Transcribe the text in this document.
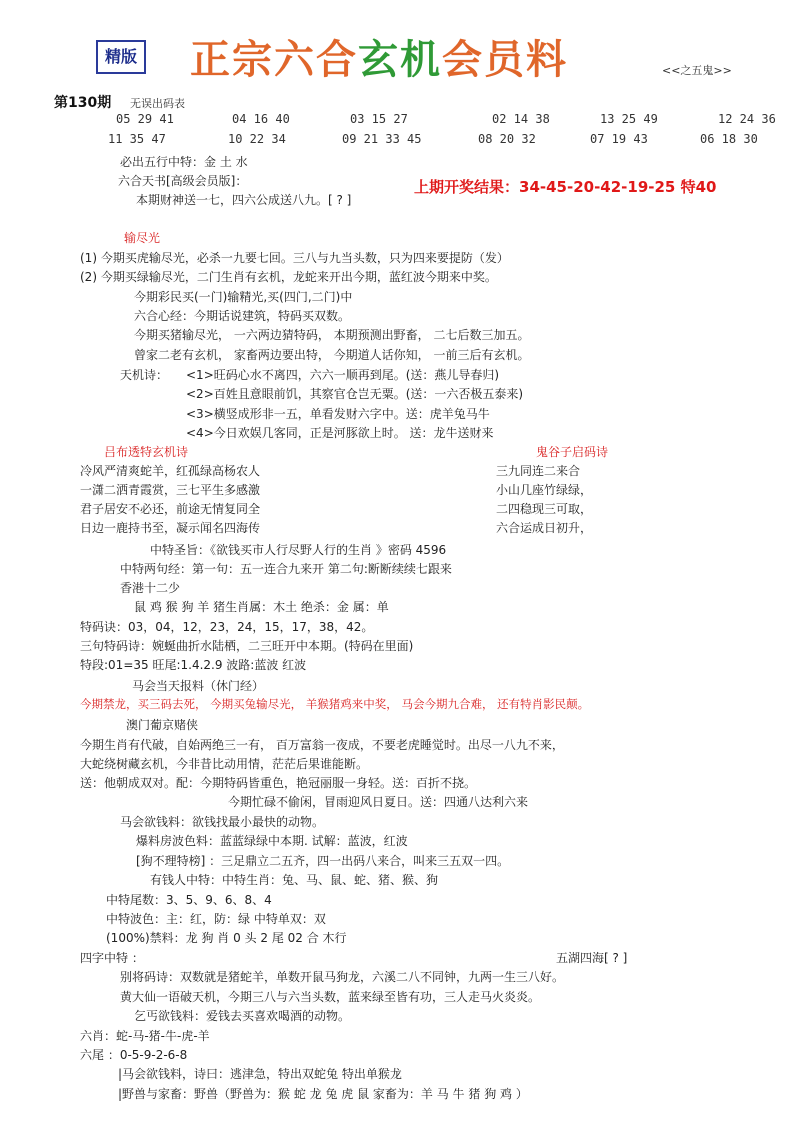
精版 正宗六合玄机会员料	<<之五鬼>>
第130期 无误出码表
05 29 41	04 16 40	03 15 27	02 14 38	13 25 49	12 24 36
11 35 47	10 22 34	09 21 33 45	08 20 32	07 19 43	06 18 30
必出五行中特：金 土 水
六合天书[高级会员版]：	上期开奖结果：34-45-20-42-19-25 特40
本期财神送一七，四六公成送八九。[ ? ]
输尽光
(1) 今期买虎输尽光，必杀一九要七回。三八与九当头数，只为四来要提防（发）
(2) 今期买绿输尽光，二门生肖有玄机，龙蛇来开出今期，蓝红波今期来中奖。
今期彩民买(一门)输精光,买(四门,二门)中
六合心经：今期话说建筑，特码买双数。
今期买猪输尽光， 一六两边猜特码， 本期预测出野畜， 二七后数三加五。
曾家二老有玄机， 家畜两边要出特， 今期道人话你知， 一前三后有玄机。
天机诗： <1>旺码心水不离四，六六一顺再到尾。(送：燕儿导春归)
<2>百姓且意眼前饥，其察官仓岂无粟。(送：一六否极五泰来)
<3>横竖成形非一五，单看发财六字中。送：虎羊兔马牛
<4>今日欢娱几客同，正是河豚欲上时。 送：龙牛送财来
吕布透特玄机诗	鬼谷子启码诗
冷风严清爽蛇羊，红孤绿高杨农人	三九同连二来合
一潇二洒青霞赏，三七平生多感激	小山几座竹绿绿，
君子居安不必还，前途无情复同全	二四稳现三可取，
日边一鹿持书至，凝示闻名四海传	六合运成日初升，
中特圣旨：《欲钱买市人行尽野人行的生肖 》密码 4596
中特两句经：第一句：五一连合九来开 第二句:断断续续七跟来
香港十二少
鼠 鸡 猴 狗 羊 猪生肖属：木土 绝杀：金 属：单
特码诀：03，04，12，23，24，15，17，38，42。
三句特码诗：婉蜒曲折水陆栖，二三旺开中本期。(特码在里面)
特段:01=35 旺尾:1.4.2.9 波路:蓝波 红波
马会当天报料（休门经）
今期禁龙，买三码去死， 今期买兔输尽光， 羊猴猪鸡来中奖， 马会今期九合难， 还有特肖影民颠。
澳门葡京赌侠
今期生肖有代破，自始两绝三一有， 百万富翁一夜成，不要老虎睡觉时。出尽一八九不来，
大蛇绕树藏玄机，今非昔比动用情，茫茫后果谁能断。
送：他朝成双对。配：今期特码皆重色，艳冠丽服一身轻。送：百折不挠。
今期忙碌不偷闲，冒雨迎风日夏日。送：四通八达利六来
马会欲钱料：欲钱找最小最快的动物。
爆料房波色料：蓝蓝绿绿中本期. 试解：蓝波，红波
[狗不理特榜] ：三足鼎立二五齐，四一出码八来合，叫来三五双一四。
有钱人中特：中特生肖：兔、马、鼠、蛇、猪、猴、狗
中特尾数：3、5、9、6、8、4
中特波色：主：红，防：绿 中特单双：双
(100%)禁料：龙 狗 肖 0 头 2 尾 02 合 木行
四字中特 ：	五湖四海[ ? ]
别将码诗：双数就是猪蛇羊，单数开鼠马狗龙，六溪二八不同钟，九两一生三八好。
黄大仙一语破天机，今期三八与六当头数，蓝来绿至皆有功，三人走马火炎炎。
乞丐欲钱料：爱钱去买喜欢喝酒的动物。
六肖：蛇-马-猪-牛-虎-羊
六尾 ：0-5-9-2-6-8
|马会欲钱料，诗曰：逃津急，特出双蛇兔 特出单猴龙
|野兽与家畜：野兽（野兽为：猴 蛇 龙 兔 虎 鼠 家畜为：羊 马 牛 猪 狗 鸡 ）
